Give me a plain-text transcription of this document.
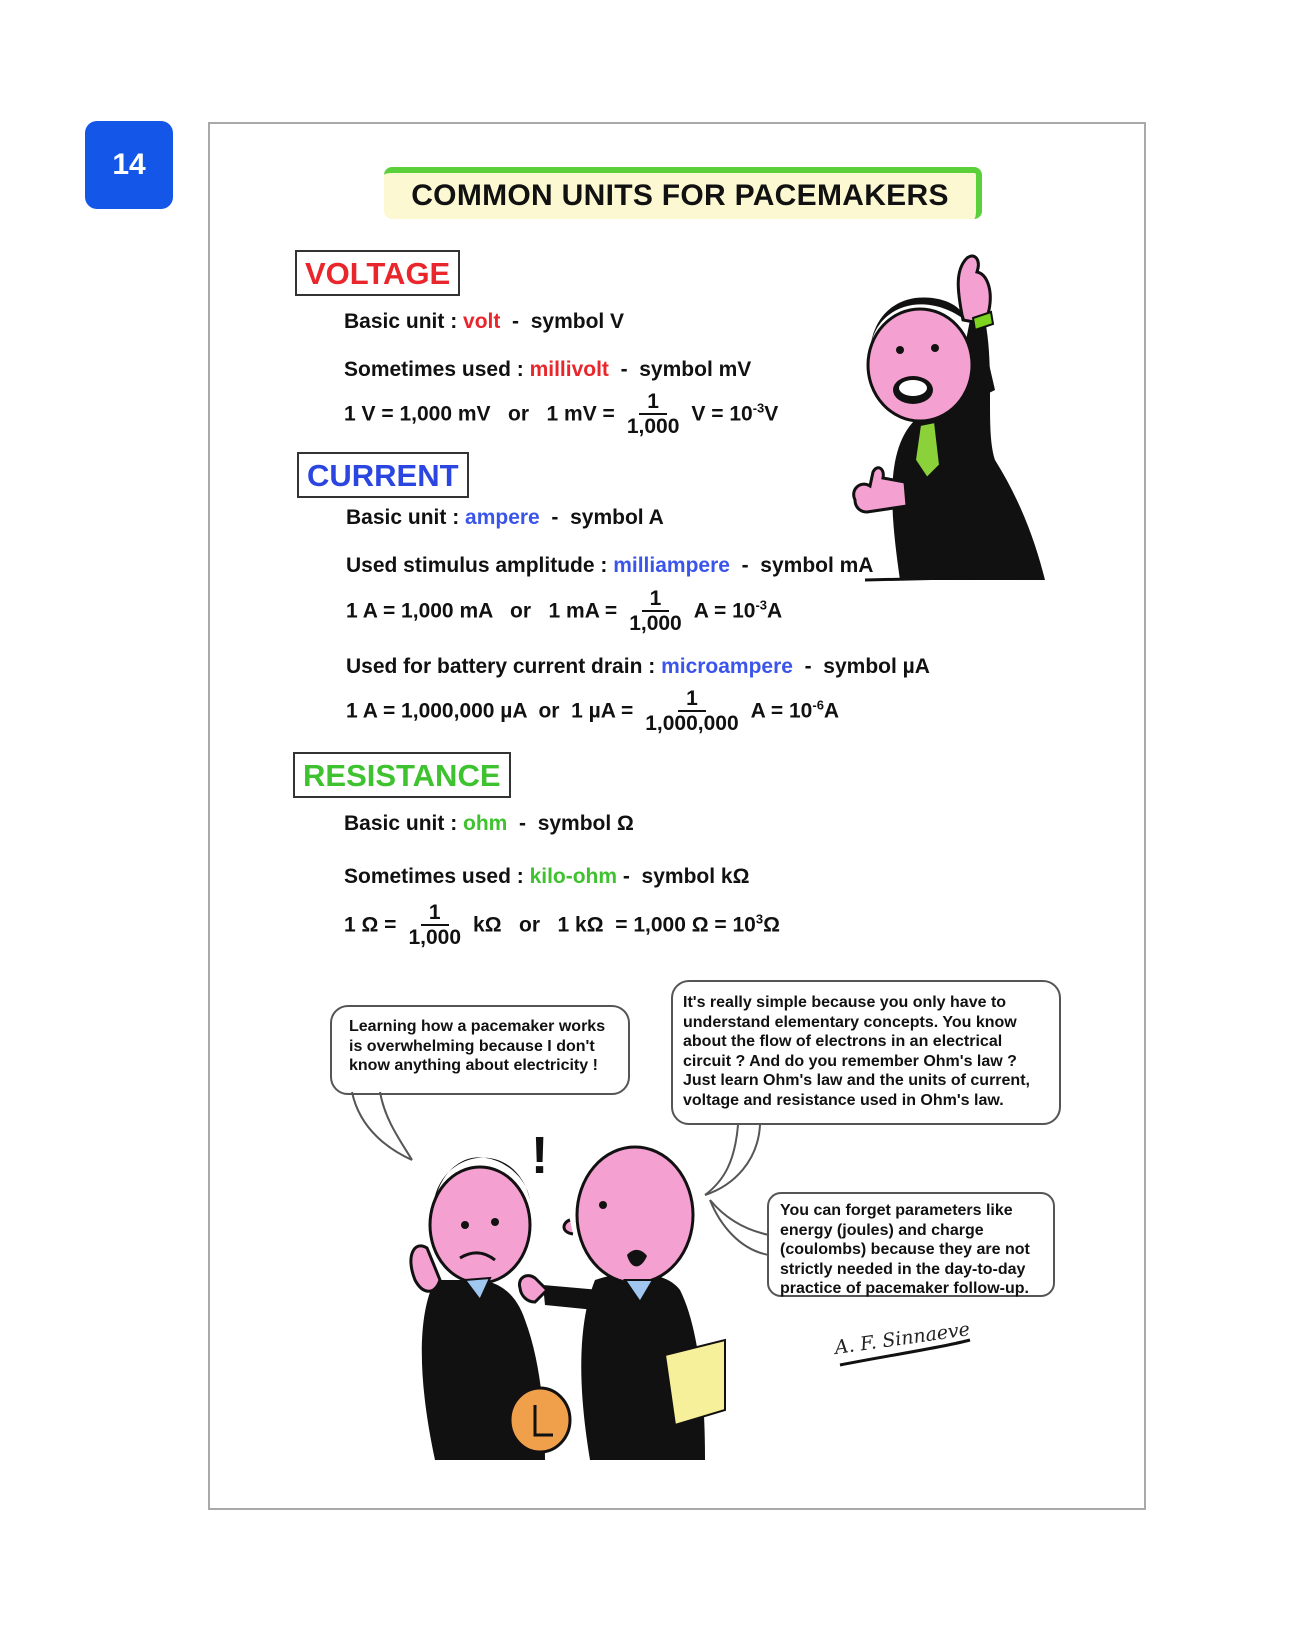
14
COMMON UNITS FOR PACEMAKERS
VOLTAGE
Basic unit : volt  -  symbol V
Sometimes used : millivolt  -  symbol mV
1 V = 1,000 mV   or   1 mV = $\frac{1}{1,000}$ $V = 10^{-3}V$
CURRENT
Basic unit : ampere  -  symbol A
Used stimulus amplitude : milliampere  -  symbol mA
1 A = 1,000 mA   or   1 mA = $\frac{1}{1,000}$ $A = 10^{-3}A$
Used for battery current drain : microampere  -  symbol µA
1 A = 1,000,000 µA  or  1 $\mu A = \frac{1}{1,000,000}$ $A = 10^{-6}A$
RESISTANCE
Basic unit : ohm  -  symbol Ω
Sometimes used : kilo-ohm -  symbol kΩ
1 $\Omega = \frac{1}{1,000}$ kΩ   or   1 kΩ  = 1,000 $\Omega = 10^3\Omega$
Learning how a pacemaker works
is overwhelming because I don't
know anything about electricity !
It's really simple because you only have to
understand elementary concepts. You know
about the flow of electrons in an electrical
circuit ? And do you remember Ohm's law ?
Just learn Ohm's law and the units of current,
voltage and resistance used in Ohm's law.
You can forget parameters like
energy (joules) and charge
(coulombs) because they are not
strictly needed in the day-to-day
practice of pacemaker follow-up.
!
A. F. Sinnaeve
